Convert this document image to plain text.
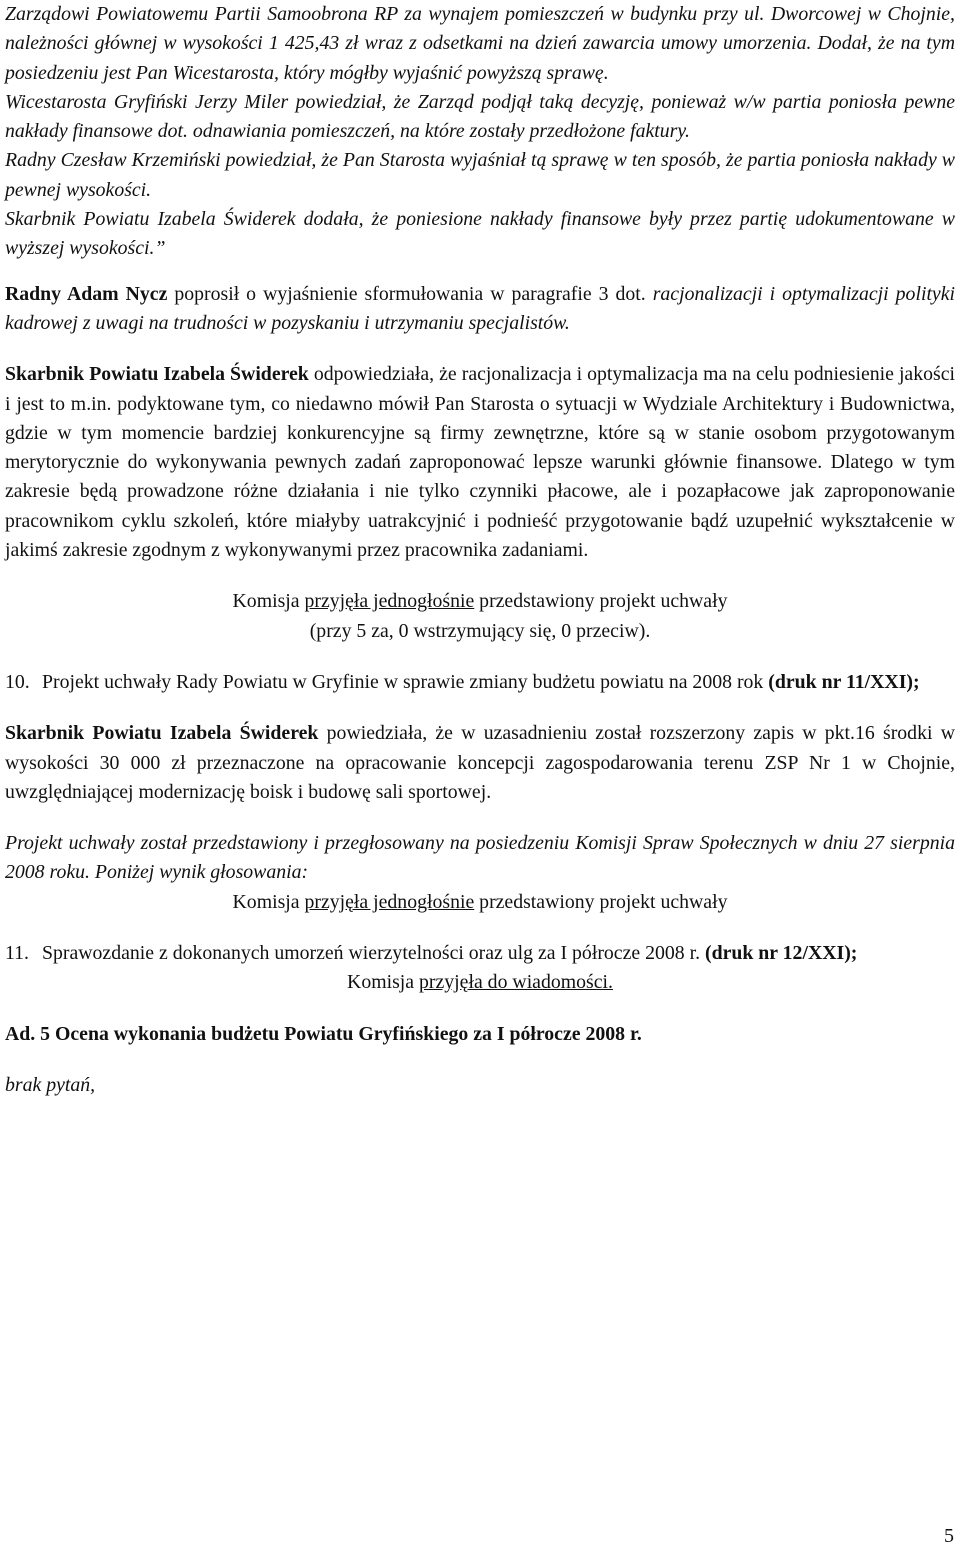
Zarządowi Powiatowemu Partii Samoobrona RP za wynajem pomieszczeń w budynku przy ul. Dworcowej w Chojnie, należności głównej w wysokości 1 425,43 zł wraz z odsetkami na dzień zawarcia umowy umorzenia. Dodał, że na tym posiedzeniu jest Pan Wicestarosta, który mógłby wyjaśnić powyższą sprawę.

Wicestarosta Gryfiński Jerzy Miler powiedział, że Zarząd podjął taką decyzję, ponieważ w/w partia poniosła pewne nakłady finansowe dot. odnawiania pomieszczeń, na które zostały przedłożone faktury.

Radny Czesław Krzemiński powiedział, że Pan Starosta wyjaśniał tą sprawę w ten sposób, że partia poniosła nakłady w pewnej wysokości.

Skarbnik Powiatu Izabela Świderek dodała, że poniesione nakłady finansowe były przez partię udokumentowane w wyższej wysokości.”

Radny Adam Nycz poprosił o wyjaśnienie sformułowania w paragrafie 3 dot. racjonalizacji i optymalizacji polityki kadrowej z uwagi na trudności w pozyskaniu i utrzymaniu specjalistów.

Skarbnik Powiatu Izabela Świderek odpowiedziała, że racjonalizacja i optymalizacja ma na celu podniesienie jakości i jest to m.in. podyktowane tym, co niedawno mówił Pan Starosta o sytuacji w Wydziale Architektury i Budownictwa, gdzie w tym momencie bardziej konkurencyjne są firmy zewnętrzne, które są w stanie osobom przygotowanym merytorycznie do wykonywania pewnych zadań zaproponować lepsze warunki głównie finansowe. Dlatego w tym zakresie będą prowadzone różne działania i nie tylko czynniki płacowe, ale i pozapłacowe jak zaproponowanie pracownikom cyklu szkoleń, które miałyby uatrakcyjnić i podnieść przygotowanie bądź uzupełnić wykształcenie w jakimś zakresie zgodnym z wykonywanymi przez pracownika zadaniami.

Komisja przyjęła jednogłośnie przedstawiony projekt uchwały

(przy 5 za, 0 wstrzymujący się, 0 przeciw).

10. Projekt uchwały Rady Powiatu w Gryfinie w sprawie zmiany budżetu powiatu na 2008 rok (druk nr 11/XXI);

Skarbnik Powiatu Izabela Świderek powiedziała, że w uzasadnieniu został rozszerzony zapis w pkt.16 środki w wysokości 30 000 zł przeznaczone na opracowanie koncepcji zagospodarowania terenu ZSP Nr 1 w Chojnie, uwzględniającej modernizację boisk i budowę sali sportowej.

Projekt uchwały został przedstawiony i przegłosowany na posiedzeniu Komisji Spraw Społecznych w dniu 27 sierpnia 2008 roku. Poniżej wynik głosowania:

Komisja przyjęła jednogłośnie przedstawiony projekt uchwały

11. Sprawozdanie z dokonanych umorzeń wierzytelności oraz ulg za I półrocze 2008 r. (druk nr 12/XXI);

Komisja przyjęła do wiadomości.

Ad. 5 Ocena wykonania budżetu Powiatu Gryfińskiego za I półrocze 2008 r.

brak pytań,

5
